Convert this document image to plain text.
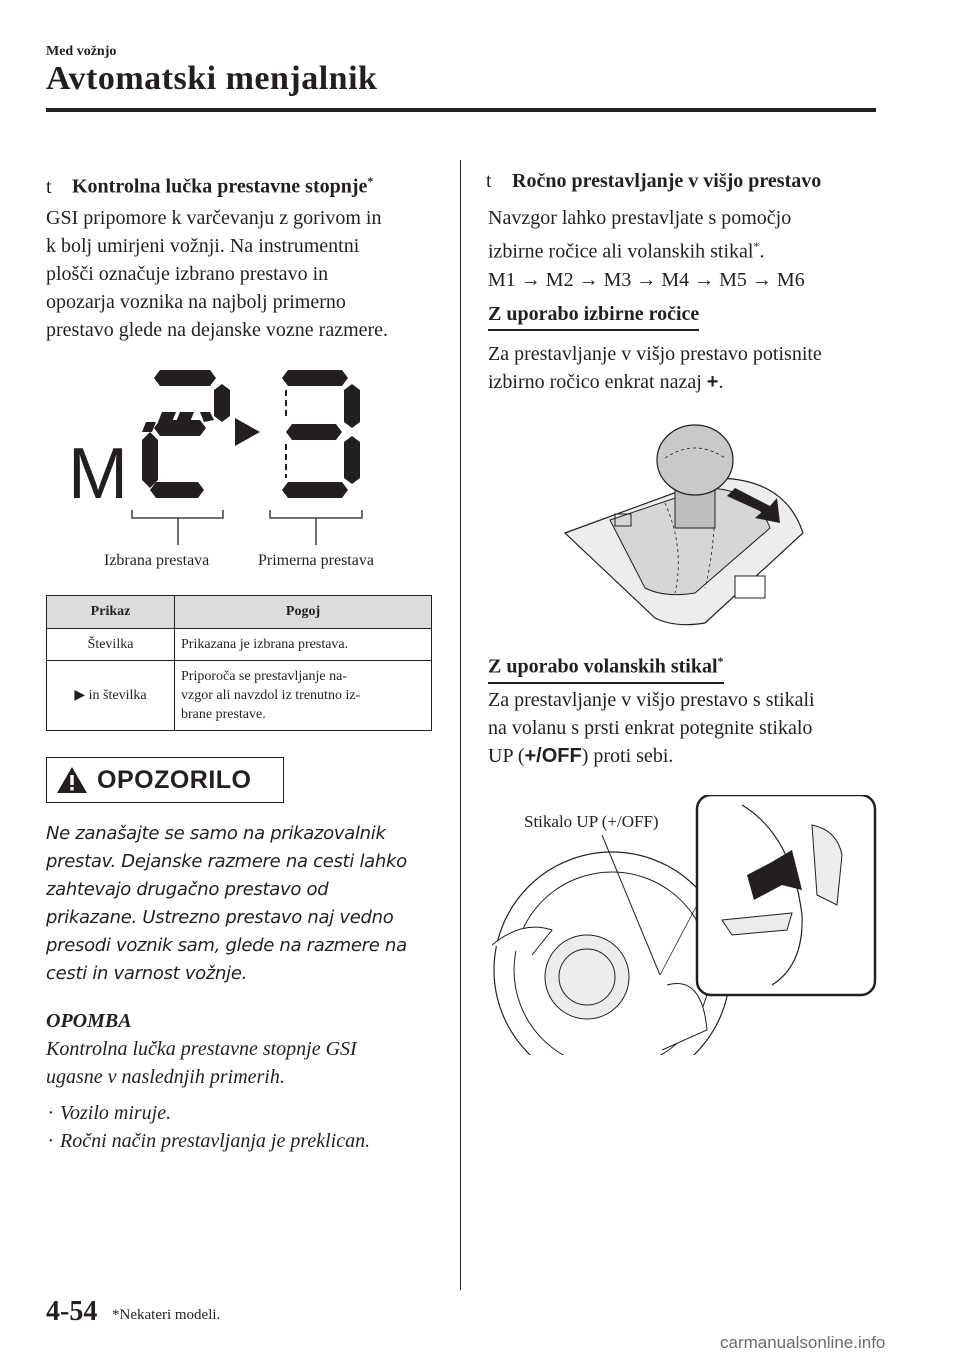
Med vožnjo
Avtomatski menjalnik
t Kontrolna lučka prestavne stopnje*
GSI pripomore k varčevanju z gorivom in
k bolj umirjeni vožnji. Na instrumentni
plošči označuje izbrano prestavo in
opozarja voznika na najbolj primerno
prestavo glede na dejanske vozne razmere.
M
Izbrana prestava	Primerna prestava
Prikaz	Pogoj
Številka	Prikazana je izbrana prestava.

▶ in številka	Priporoča se prestavljanje na-
vzgor ali navzdol iz trenutno iz-
brane prestave.
OPOZORILO
Ne zanašajte se samo na prikazovalnik
prestav. Dejanske razmere na cesti lahko
zahtevajo drugačno prestavo od
prikazane. Ustrezno prestavo naj vedno
presodi voznik sam, glede na razmere na
cesti in varnost vožnje.
OPOMBA
Kontrolna lučka prestavne stopnje GSI
ugasne v naslednjih primerih.
· Vozilo miruje.
· Ročni način prestavljanja je preklican.
t Ročno prestavljanje v višjo prestavo
Navzgor lahko prestavljate s pomočjo
izbirne ročice ali volanskih stikal*.
M1 → M2 → M3 → M4 → M5 → M6
Z uporabo izbirne ročice
Za prestavljanje v višjo prestavo potisnite
izbirno ročico enkrat nazaj +.
Z uporabo volanskih stikal*
Za prestavljanje v višjo prestavo s stikali
na volanu s prsti enkrat potegnite stikalo
UP (+/OFF) proti sebi.
Stikalo UP (+/OFF)
4-54 *Nekateri modeli.
carmanualsonline.info
